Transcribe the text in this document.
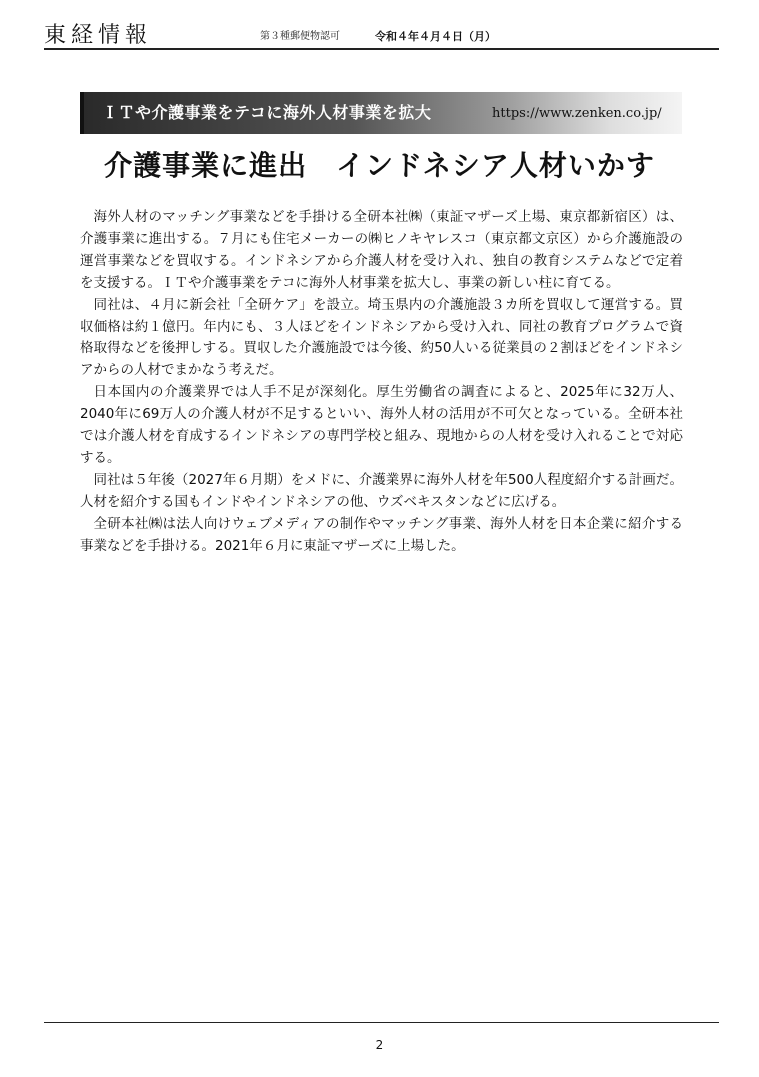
東経情報	第３種郵便物認可	令和４年４月４日（月）
ＩＴや介護事業をテコに海外人材事業を拡大	https://www.zenken.co.jp/
介護事業に進出　インドネシア人材いかす

海外人材のマッチング事業などを手掛ける全研本社㈱（東証マザーズ上場、東京都新宿区）は、介護事業に進出する。７月にも住宅メーカーの㈱ヒノキヤレスコ（東京都文京区）から介護施設の運営事業などを買収する。インドネシアから介護人材を受け入れ、独自の教育システムなどで定着を支援する。ＩＴや介護事業をテコに海外人材事業を拡大し、事業の新しい柱に育てる。

同社は、４月に新会社「全研ケア」を設立。埼玉県内の介護施設３カ所を買収して運営する。買収価格は約１億円。年内にも、３人ほどをインドネシアから受け入れ、同社の教育プログラムで資格取得などを後押しする。買収した介護施設では今後、約50人いる従業員の２割ほどをインドネシアからの人材でまかなう考えだ。

日本国内の介護業界では人手不足が深刻化。厚生労働省の調査によると、2025年に32万人、2040年に69万人の介護人材が不足するといい、海外人材の活用が不可欠となっている。全研本社では介護人材を育成するインドネシアの専門学校と組み、現地からの人材を受け入れることで対応する。

同社は５年後（2027年６月期）をメドに、介護業界に海外人材を年500人程度紹介する計画だ。人材を紹介する国もインドやインドネシアの他、ウズベキスタンなどに広げる。

全研本社㈱は法人向けウェブメディアの制作やマッチング事業、海外人材を日本企業に紹介する事業などを手掛ける。2021年６月に東証マザーズに上場した。

2
